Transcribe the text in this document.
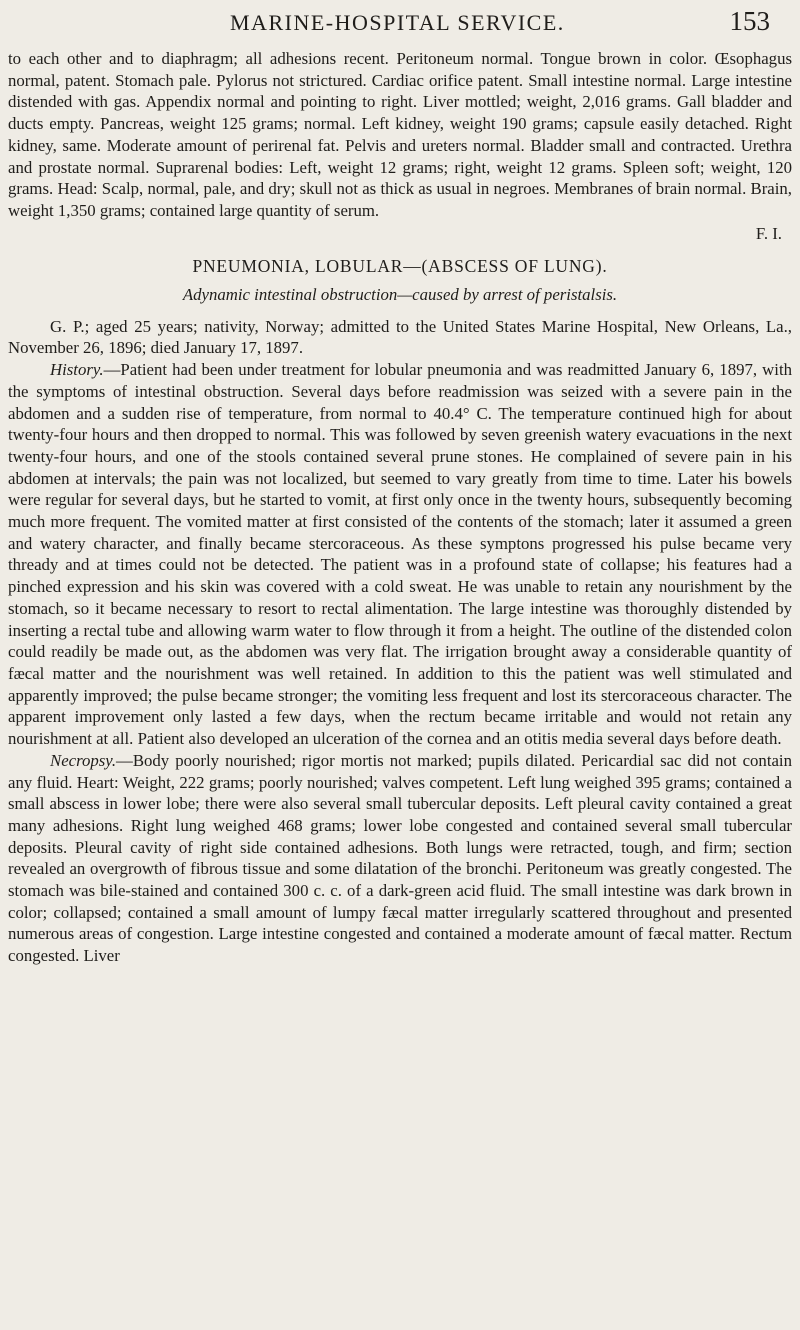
MARINE-HOSPITAL SERVICE.	153

to each other and to diaphragm; all adhesions recent. Peritoneum normal. Tongue brown in color. Œsophagus normal, patent. Stomach pale. Pylorus not strictured. Cardiac orifice patent. Small intestine normal. Large intestine distended with gas. Appendix normal and pointing to right. Liver mottled; weight, 2,016 grams. Gall bladder and ducts empty. Pancreas, weight 125 grams; normal. Left kidney, weight 190 grams; capsule easily detached. Right kidney, same. Moderate amount of perirenal fat. Pelvis and ureters normal. Bladder small and contracted. Urethra and prostate normal. Suprarenal bodies: Left, weight 12 grams; right, weight 12 grams. Spleen soft; weight, 120 grams. Head: Scalp, normal, pale, and dry; skull not as thick as usual in negroes. Membranes of brain normal. Brain, weight 1,350 grams; contained large quantity of serum.

F. I.

PNEUMONIA, LOBULAR—(ABSCESS OF LUNG).

Adynamic intestinal obstruction—caused by arrest of peristalsis.

G. P.; aged 25 years; nativity, Norway; admitted to the United States Marine Hospital, New Orleans, La., November 26, 1896; died January 17, 1897.

History.—Patient had been under treatment for lobular pneumonia and was readmitted January 6, 1897, with the symptoms of intestinal obstruction. Several days before readmission was seized with a severe pain in the abdomen and a sudden rise of temperature, from normal to 40.4° C. The temperature continued high for about twenty-four hours and then dropped to normal. This was followed by seven greenish watery evacuations in the next twenty-four hours, and one of the stools contained several prune stones. He complained of severe pain in his abdomen at intervals; the pain was not localized, but seemed to vary greatly from time to time. Later his bowels were regular for several days, but he started to vomit, at first only once in the twenty hours, subsequently becoming much more frequent. The vomited matter at first consisted of the contents of the stomach; later it assumed a green and watery character, and finally became stercoraceous. As these symptons progressed his pulse became very thready and at times could not be detected. The patient was in a profound state of collapse; his features had a pinched expression and his skin was covered with a cold sweat. He was unable to retain any nourishment by the stomach, so it became necessary to resort to rectal alimentation. The large intestine was thoroughly distended by inserting a rectal tube and allowing warm water to flow through it from a height. The outline of the distended colon could readily be made out, as the abdomen was very flat. The irrigation brought away a considerable quantity of fæcal matter and the nourishment was well retained. In addition to this the patient was well stimulated and apparently improved; the pulse became stronger; the vomiting less frequent and lost its stercoraceous character. The apparent improvement only lasted a few days, when the rectum became irritable and would not retain any nourishment at all. Patient also developed an ulceration of the cornea and an otitis media several days before death.

Necropsy.—Body poorly nourished; rigor mortis not marked; pupils dilated. Pericardial sac did not contain any fluid. Heart: Weight, 222 grams; poorly nourished; valves competent. Left lung weighed 395 grams; contained a small abscess in lower lobe; there were also several small tubercular deposits. Left pleural cavity contained a great many adhesions. Right lung weighed 468 grams; lower lobe congested and contained several small tubercular deposits. Pleural cavity of right side contained adhesions. Both lungs were retracted, tough, and firm; section revealed an overgrowth of fibrous tissue and some dilatation of the bronchi. Peritoneum was greatly congested. The stomach was bile-stained and contained 300 c. c. of a dark-green acid fluid. The small intestine was dark brown in color; collapsed; contained a small amount of lumpy fæcal matter irregularly scattered throughout and presented numerous areas of congestion. Large intestine congested and contained a moderate amount of fæcal matter. Rectum congested. Liver
